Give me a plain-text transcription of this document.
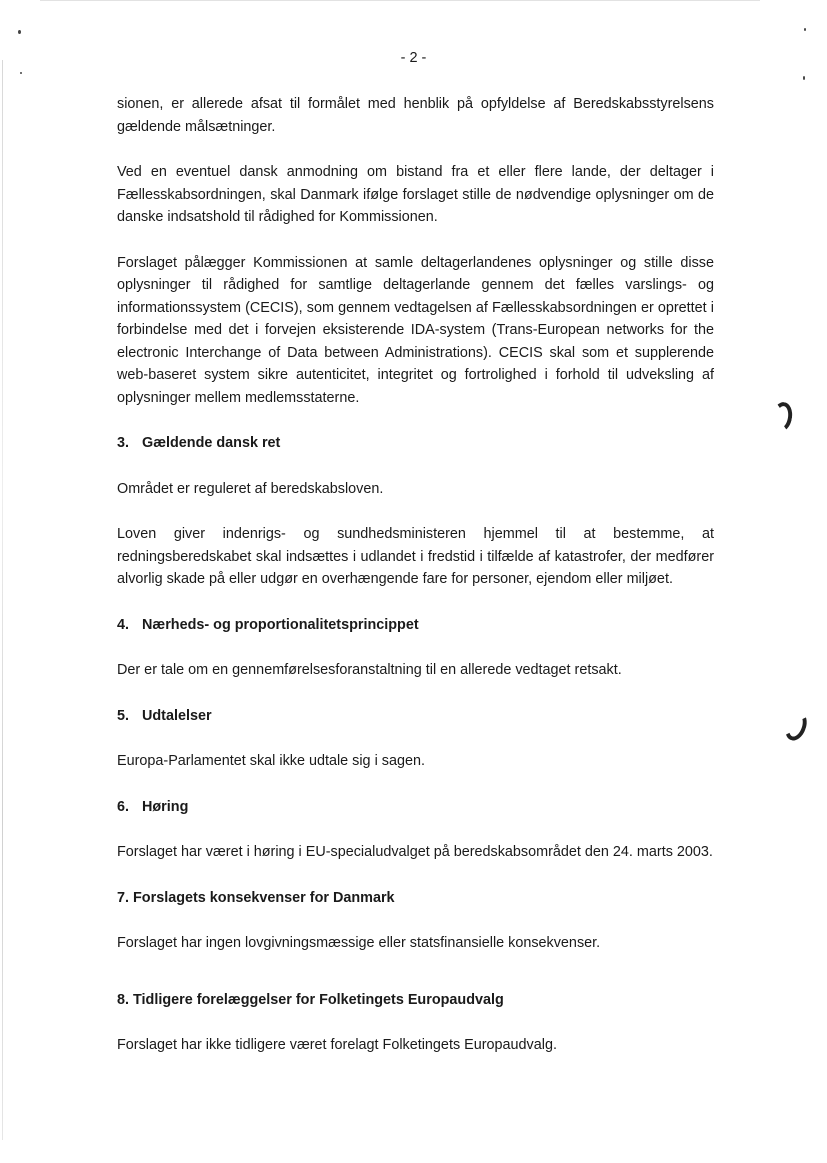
- 2 -

sionen, er allerede afsat til formålet med henblik på opfyldelse af Beredskabsstyrelsens gældende målsætninger.

Ved en eventuel dansk anmodning om bistand fra et eller flere lande, der deltager i Fællesskabsordningen, skal Danmark ifølge forslaget stille de nødvendige oplysninger om de danske indsatshold til rådighed for Kommissionen.

Forslaget pålægger Kommissionen at samle deltagerlandenes oplysninger og stille disse oplysninger til rådighed for samtlige deltagerlande gennem det fælles varslings- og informationssystem (CECIS), som gennem vedtagelsen af Fællesskabsordningen er oprettet i forbindelse med det i forvejen eksisterende IDA-system (Trans-European networks for the electronic Interchange of Data between Administrations). CECIS skal som et supplerende web-baseret system sikre autenticitet, integritet og fortrolighed i forhold til udveksling af oplysninger mellem medlemsstaterne.

3. Gældende dansk ret

Området er reguleret af beredskabsloven.

Loven giver indenrigs- og sundhedsministeren hjemmel til at bestemme, at redningsberedskabet skal indsættes i udlandet i fredstid i tilfælde af katastrofer, der medfører alvorlig skade på eller udgør en overhængende fare for personer, ejendom eller miljøet.

4. Nærheds- og proportionalitetsprincippet

Der er tale om en gennemførelsesforanstaltning til en allerede vedtaget retsakt.

5. Udtalelser

Europa-Parlamentet skal ikke udtale sig i sagen.

6. Høring

Forslaget har været i høring i EU-specialudvalget på beredskabsområdet den 24. marts 2003.

7. Forslagets konsekvenser for Danmark

Forslaget har ingen lovgivningsmæssige eller statsfinansielle konsekvenser.

8. Tidligere forelæggelser for Folketingets Europaudvalg

Forslaget har ikke tidligere været forelagt Folketingets Europaudvalg.
